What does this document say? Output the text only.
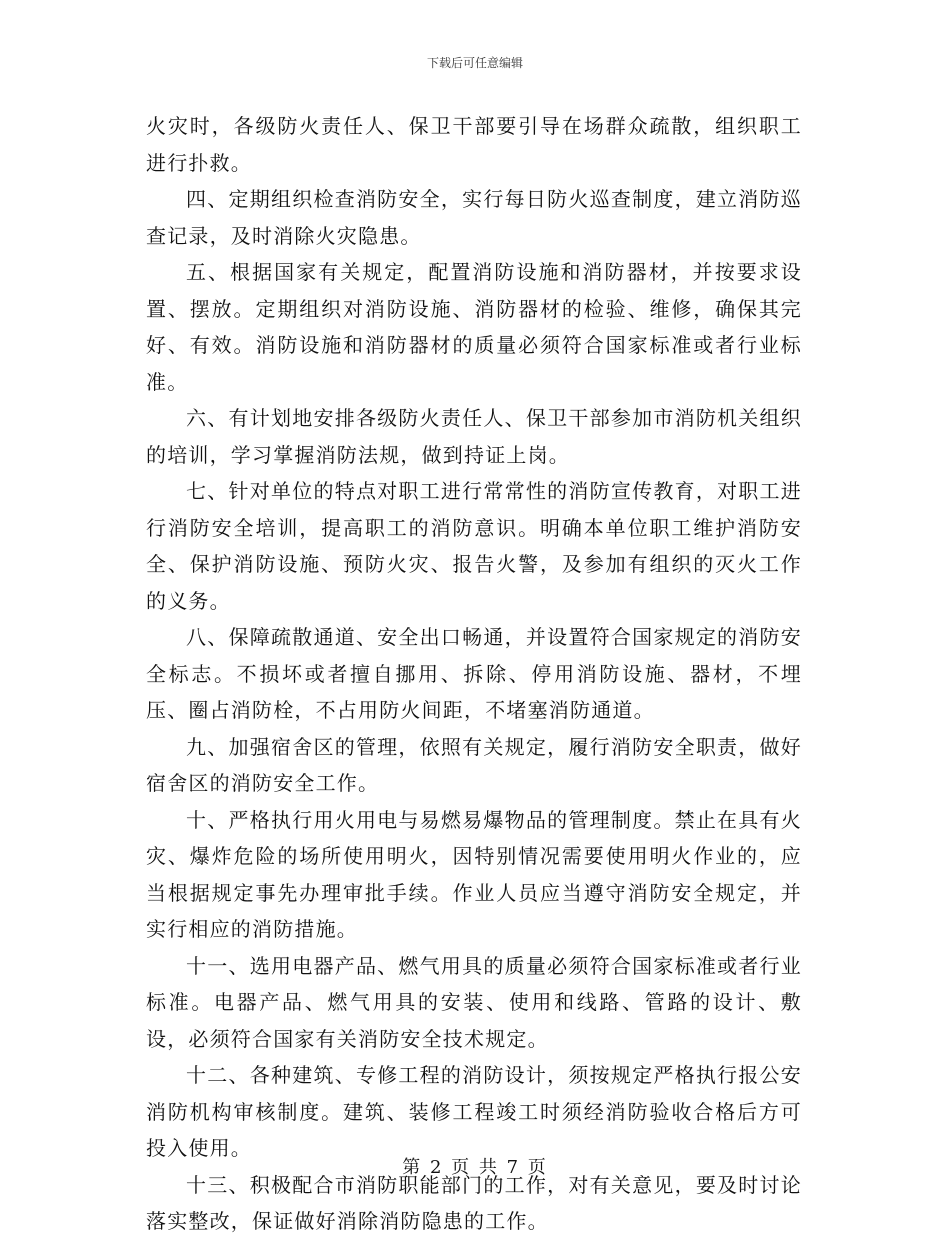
下载后可任意编辑

火灾时，各级防火责任人、保卫干部要引导在场群众疏散，组织职工进行扑救。

四、定期组织检查消防安全，实行每日防火巡查制度，建立消防巡查记录，及时消除火灾隐患。

五、根据国家有关规定，配置消防设施和消防器材，并按要求设置、摆放。定期组织对消防设施、消防器材的检验、维修，确保其完好、有效。消防设施和消防器材的质量必须符合国家标准或者行业标准。

六、有计划地安排各级防火责任人、保卫干部参加市消防机关组织的培训，学习掌握消防法规，做到持证上岗。

七、针对单位的特点对职工进行常常性的消防宣传教育，对职工进行消防安全培训，提高职工的消防意识。明确本单位职工维护消防安全、保护消防设施、预防火灾、报告火警，及参加有组织的灭火工作的义务。

八、保障疏散通道、安全出口畅通，并设置符合国家规定的消防安全标志。不损坏或者擅自挪用、拆除、停用消防设施、器材，不埋压、圈占消防栓，不占用防火间距，不堵塞消防通道。

九、加强宿舍区的管理，依照有关规定，履行消防安全职责，做好宿舍区的消防安全工作。

十、严格执行用火用电与易燃易爆物品的管理制度。禁止在具有火灾、爆炸危险的场所使用明火，因特别情况需要使用明火作业的，应当根据规定事先办理审批手续。作业人员应当遵守消防安全规定，并实行相应的消防措施。

十一、选用电器产品、燃气用具的质量必须符合国家标准或者行业标准。电器产品、燃气用具的安装、使用和线路、管路的设计、敷设，必须符合国家有关消防安全技术规定。

十二、各种建筑、专修工程的消防设计，须按规定严格执行报公安消防机构审核制度。建筑、装修工程竣工时须经消防验收合格后方可投入使用。

十三、积极配合市消防职能部门的工作，对有关意见，要及时讨论落实整改，保证做好消除消防隐患的工作。

第 2 页 共 7 页
